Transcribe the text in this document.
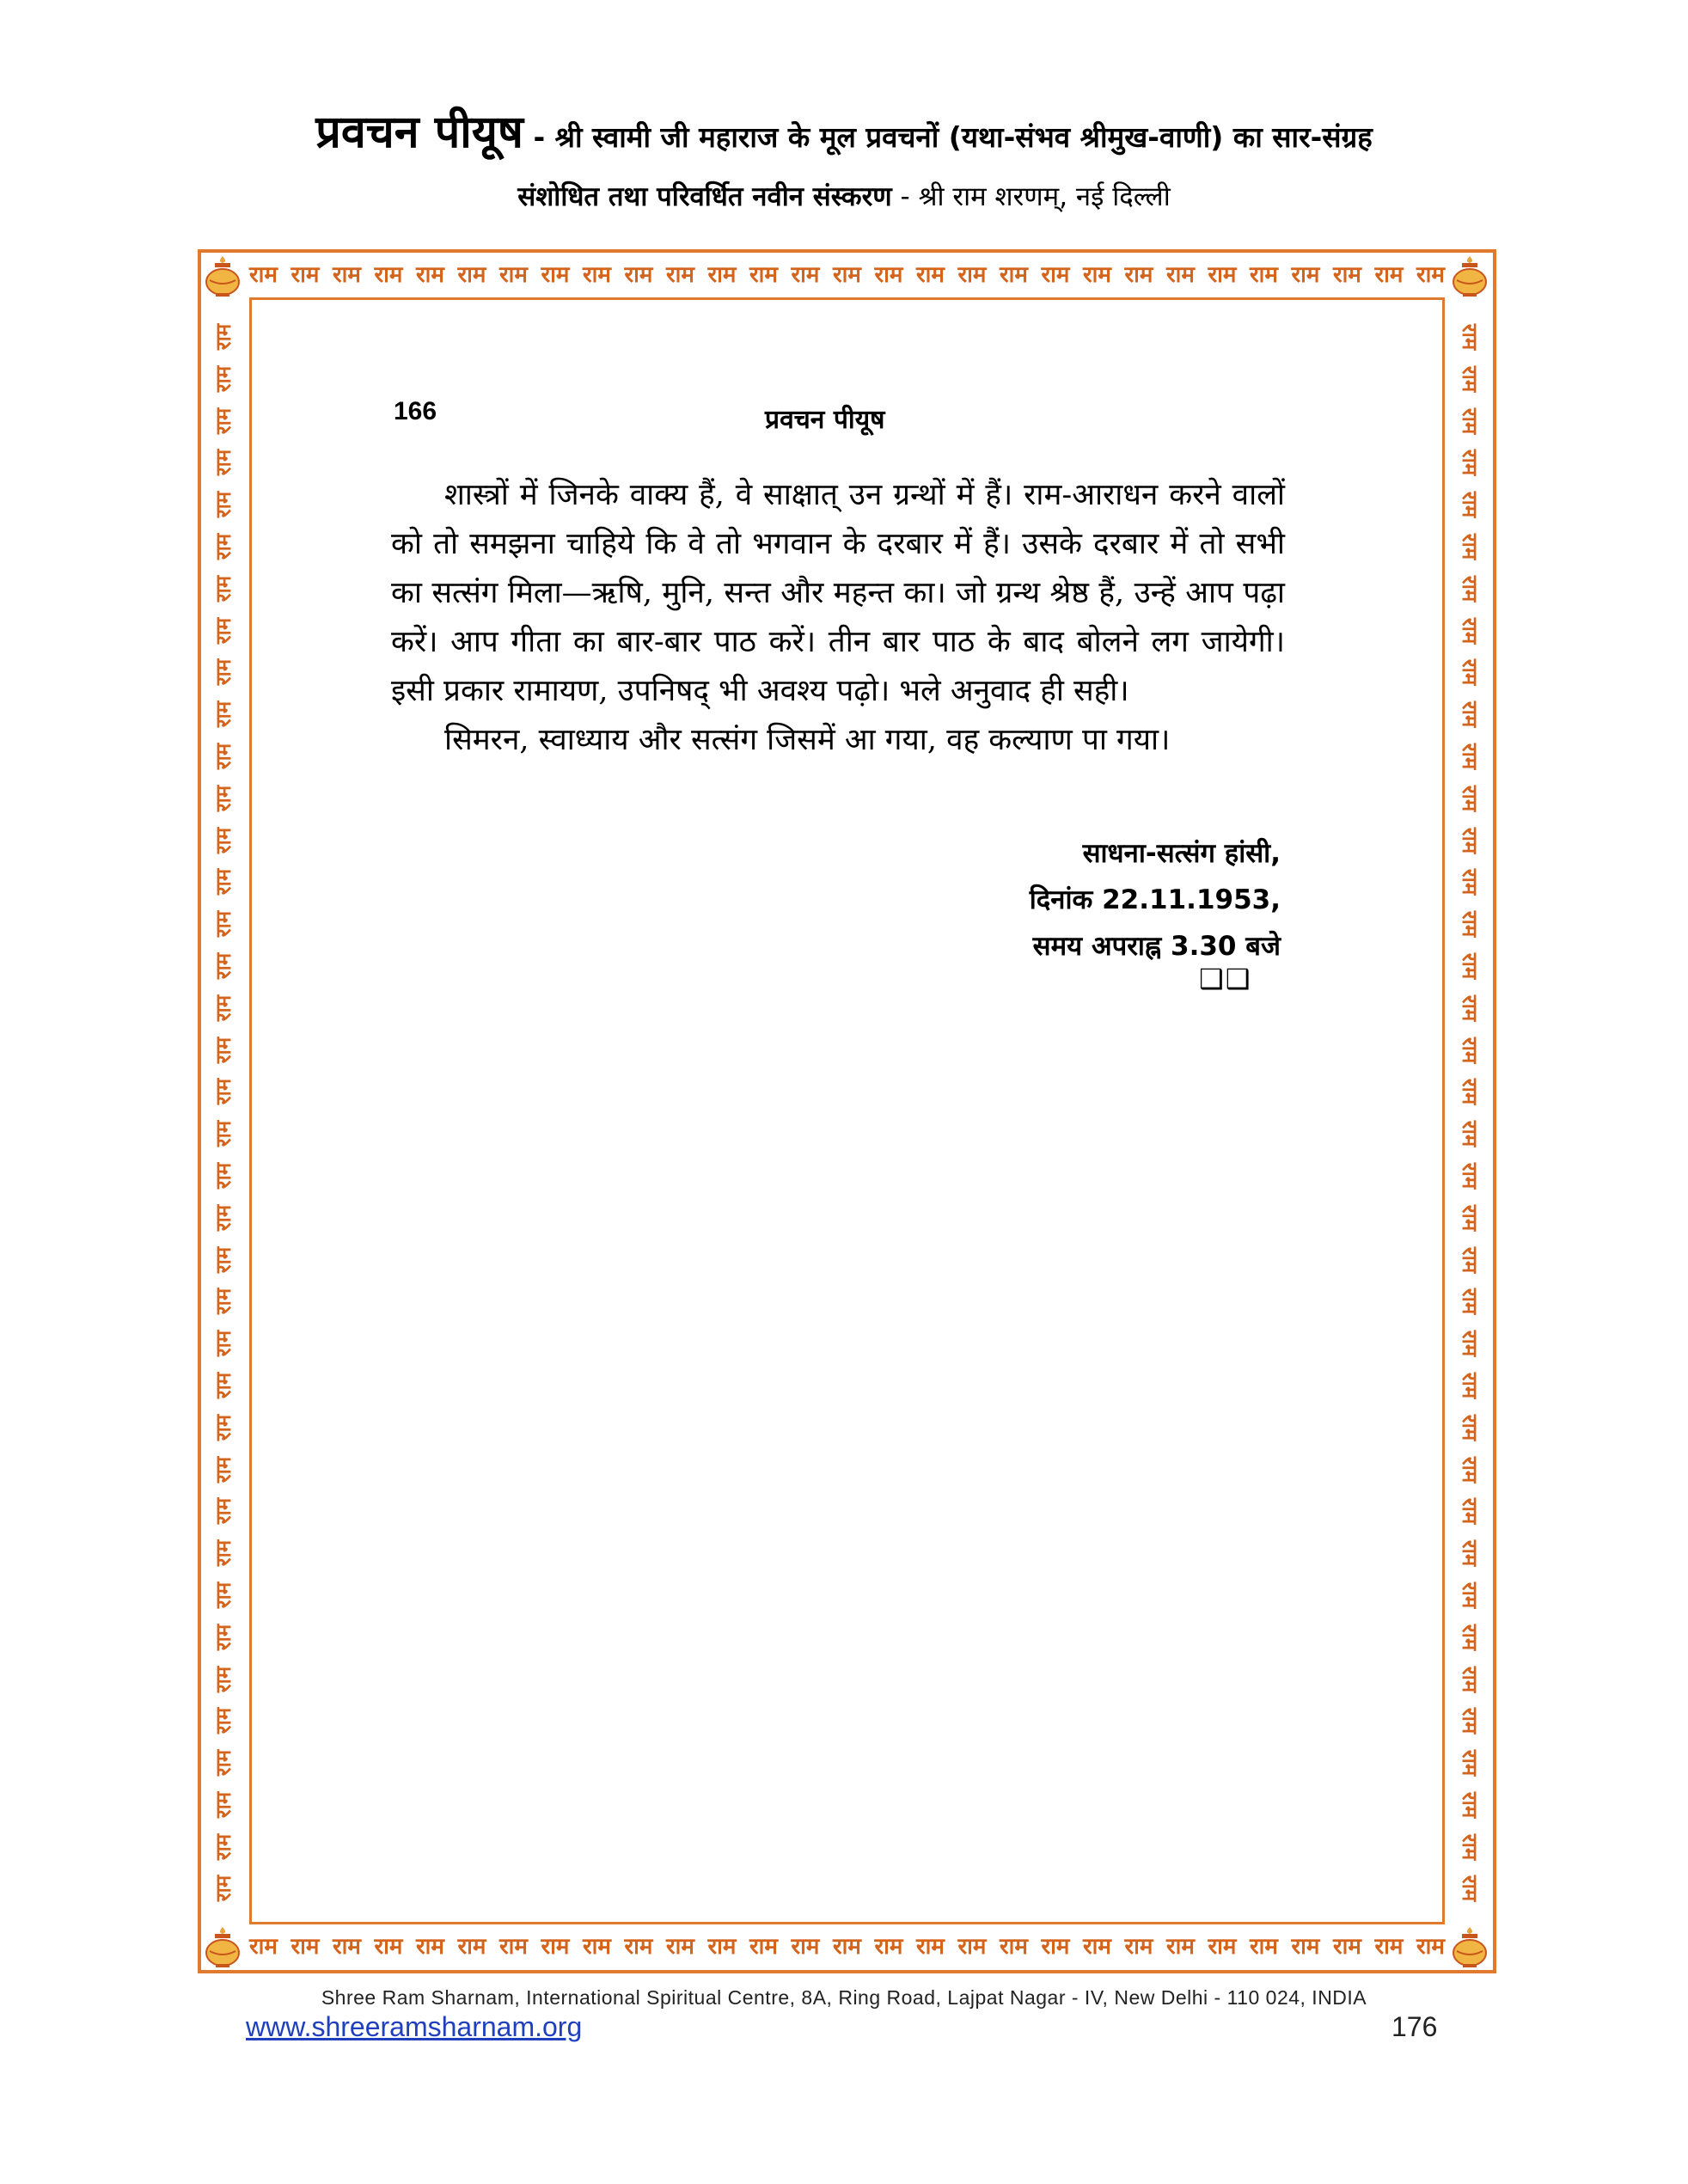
प्रवचन पीयूष - श्री स्वामी जी महाराज के मूल प्रवचनों (यथा-संभव श्रीमुख-वाणी) का सार-संग्रह
संशोधित तथा परिवर्धित नवीन संस्करण - श्री राम शरणम्, नई दिल्ली
राम राम राम राम राम राम राम राम राम राम राम राम राम राम राम राम राम राम राम राम राम राम राम राम राम राम राम राम राम
राम राम राम राम राम राम राम राम राम राम राम राम राम राम राम राम राम राम राम राम राम राम राम राम राम राम राम राम राम
राम
राम
राम
राम
राम
राम
राम
राम
राम
राम
राम
राम
राम
राम
राम
राम
राम
राम
राम
राम
राम
राम
राम
राम
राम
राम
राम
राम
राम
राम
राम
राम
राम
राम
राम
राम
राम
राम
राम
राम
राम
राम
राम
राम
राम
राम
राम
राम
राम
राम
राम
राम
राम
राम
राम
राम
राम
राम
राम
राम
राम
राम
राम
राम
राम
राम
राम
राम
राम
राम
राम
राम
राम
राम
राम
राम
166	प्रवचन पीयूष

शास्त्रों में जिनके वाक्य हैं, वे साक्षात् उन ग्रन्थों में हैं। राम-आराधन करने वालों को तो समझना चाहिये कि वे तो भगवान के दरबार में हैं। उसके दरबार में तो सभी का सत्संग मिला—ऋषि, मुनि, सन्त और महन्त का। जो ग्रन्थ श्रेष्ठ हैं, उन्हें आप पढ़ा करें। आप गीता का बार-बार पाठ करें। तीन बार पाठ के बाद बोलने लग जायेगी। इसी प्रकार रामायण, उपनिषद् भी अवश्य पढ़ो। भले अनुवाद ही सही।

सिमरन, स्वाध्याय और सत्संग जिसमें आ गया, वह कल्याण पा गया।

साधना-सत्संग हांसी,
दिनांक 22.11.1953,
समय अपराह्न 3.30 बजे
❑❑
Shree Ram Sharnam, International Spiritual Centre, 8A, Ring Road, Lajpat Nagar - IV, New Delhi - 110 024, INDIA
www.shreeramsharnam.org	176
